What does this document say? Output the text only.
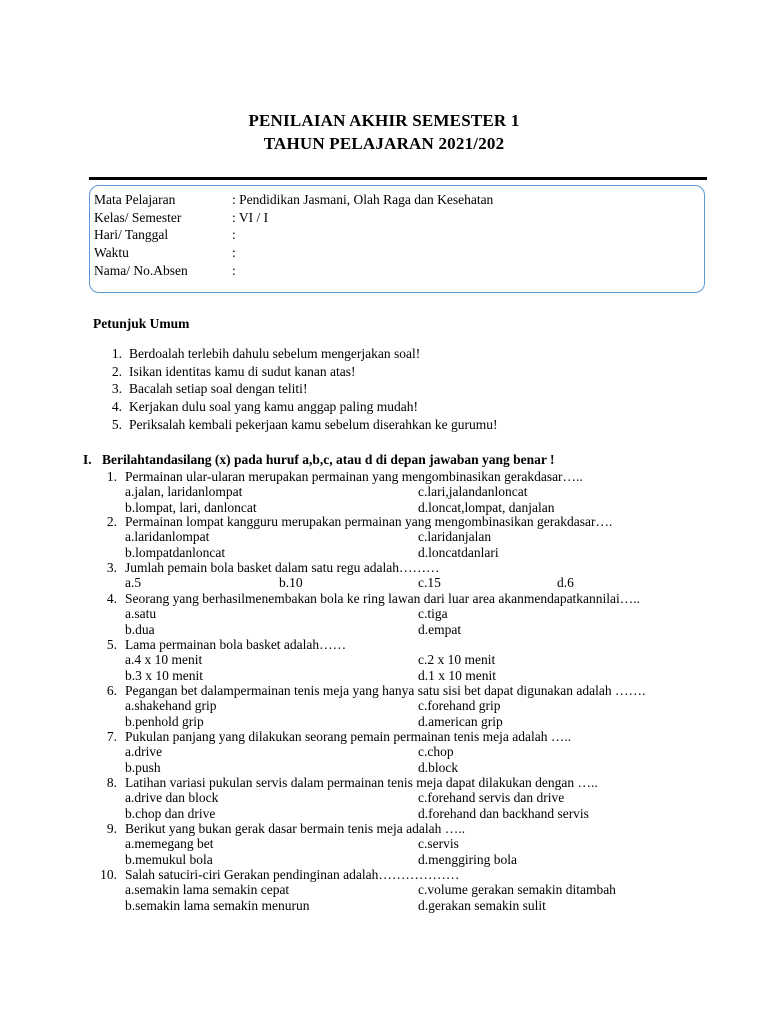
PENILAIAN AKHIR SEMESTER 1
TAHUN PELAJARAN 2021/202
Mata Pelajaran	: Pendidikan Jasmani, Olah Raga dan Kesehatan
Kelas/ Semester	: VI / I
Hari/ Tanggal	:
Waktu	:
Nama/ No.Absen	:
Petunjuk Umum
1. Berdoalah terlebih dahulu sebelum mengerjakan soal!
2. Isikan identitas kamu di sudut kanan atas!
3. Bacalah setiap soal dengan teliti!
4. Kerjakan dulu soal yang kamu anggap paling mudah!
5. Periksalah kembali pekerjaan kamu sebelum diserahkan ke gurumu!
I. Berilahtandasilang (x) pada huruf a,b,c, atau d di depan jawaban yang benar !
1. Permainan ular-ularan merupakan permainan yang mengombinasikan gerakdasar…..
a.jalan, laridanlompat	c.lari,jalandanloncat
b.lompat, lari, danloncat	d.loncat,lompat, danjalan
2. Permainan lompat kangguru merupakan permainan yang mengombinasikan gerakdasar….
a.laridanlompat	c.laridanjalan
b.lompatdanloncat	d.loncatdanlari
3. Jumlah pemain bola basket dalam satu regu adalah………
a.5	b.10	c.15	d.6
4. Seorang yang berhasilmenembakan bola ke ring lawan dari luar area akanmendapatkannilai…..
a.satu	c.tiga
b.dua	d.empat
5. Lama permainan bola basket adalah……
a.4 x 10 menit	c.2 x 10 menit
b.3 x 10 menit	d.1 x 10 menit
6. Pegangan bet dalampermainan tenis meja yang hanya satu sisi bet dapat digunakan adalah …….
a.shakehand grip	c.forehand grip
b.penhold grip	d.american grip
7. Pukulan panjang yang dilakukan seorang pemain permainan tenis meja adalah …..
a.drive	c.chop
b.push	d.block
8. Latihan variasi pukulan servis dalam permainan tenis meja dapat dilakukan dengan …..
a.drive dan block	c.forehand servis dan drive
b.chop dan drive	d.forehand dan backhand servis
9. Berikut yang bukan gerak dasar bermain tenis meja adalah …..
a.memegang bet	c.servis
b.memukul bola	d.menggiring bola
10. Salah satuciri-ciri Gerakan pendinginan adalah………………
a.semakin lama semakin cepat	c.volume gerakan semakin ditambah
b.semakin lama semakin menurun	d.gerakan semakin sulit
